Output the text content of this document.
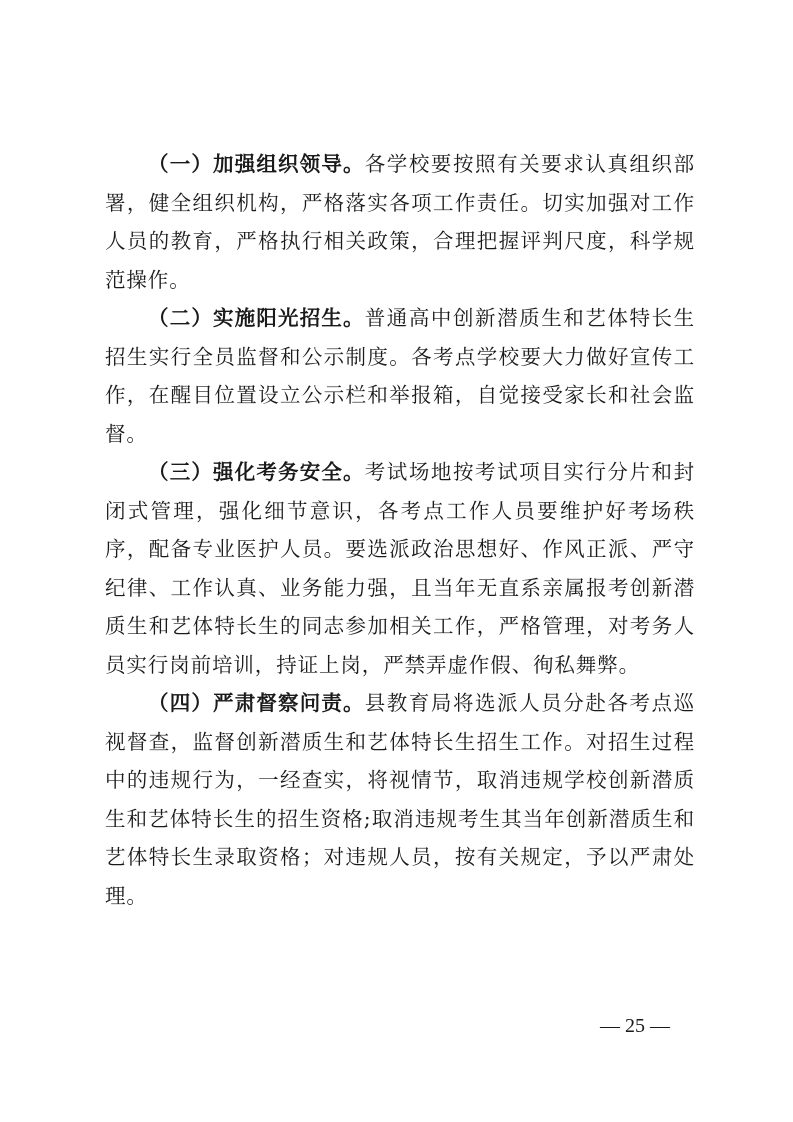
（一）加强组织领导。各学校要按照有关要求认真组织部署，健全组织机构，严格落实各项工作责任。切实加强对工作人员的教育，严格执行相关政策，合理把握评判尺度，科学规范操作。

（二）实施阳光招生。普通高中创新潜质生和艺体特长生招生实行全员监督和公示制度。各考点学校要大力做好宣传工作，在醒目位置设立公示栏和举报箱，自觉接受家长和社会监督。

（三）强化考务安全。考试场地按考试项目实行分片和封闭式管理，强化细节意识，各考点工作人员要维护好考场秩序，配备专业医护人员。要选派政治思想好、作风正派、严守纪律、工作认真、业务能力强，且当年无直系亲属报考创新潜质生和艺体特长生的同志参加相关工作，严格管理，对考务人员实行岗前培训，持证上岗，严禁弄虚作假、徇私舞弊。

（四）严肃督察问责。县教育局将选派人员分赴各考点巡视督查，监督创新潜质生和艺体特长生招生工作。对招生过程中的违规行为，一经查实，将视情节，取消违规学校创新潜质生和艺体特长生的招生资格;取消违规考生其当年创新潜质生和艺体特长生录取资格；对违规人员，按有关规定，予以严肃处理。

— 25 —
